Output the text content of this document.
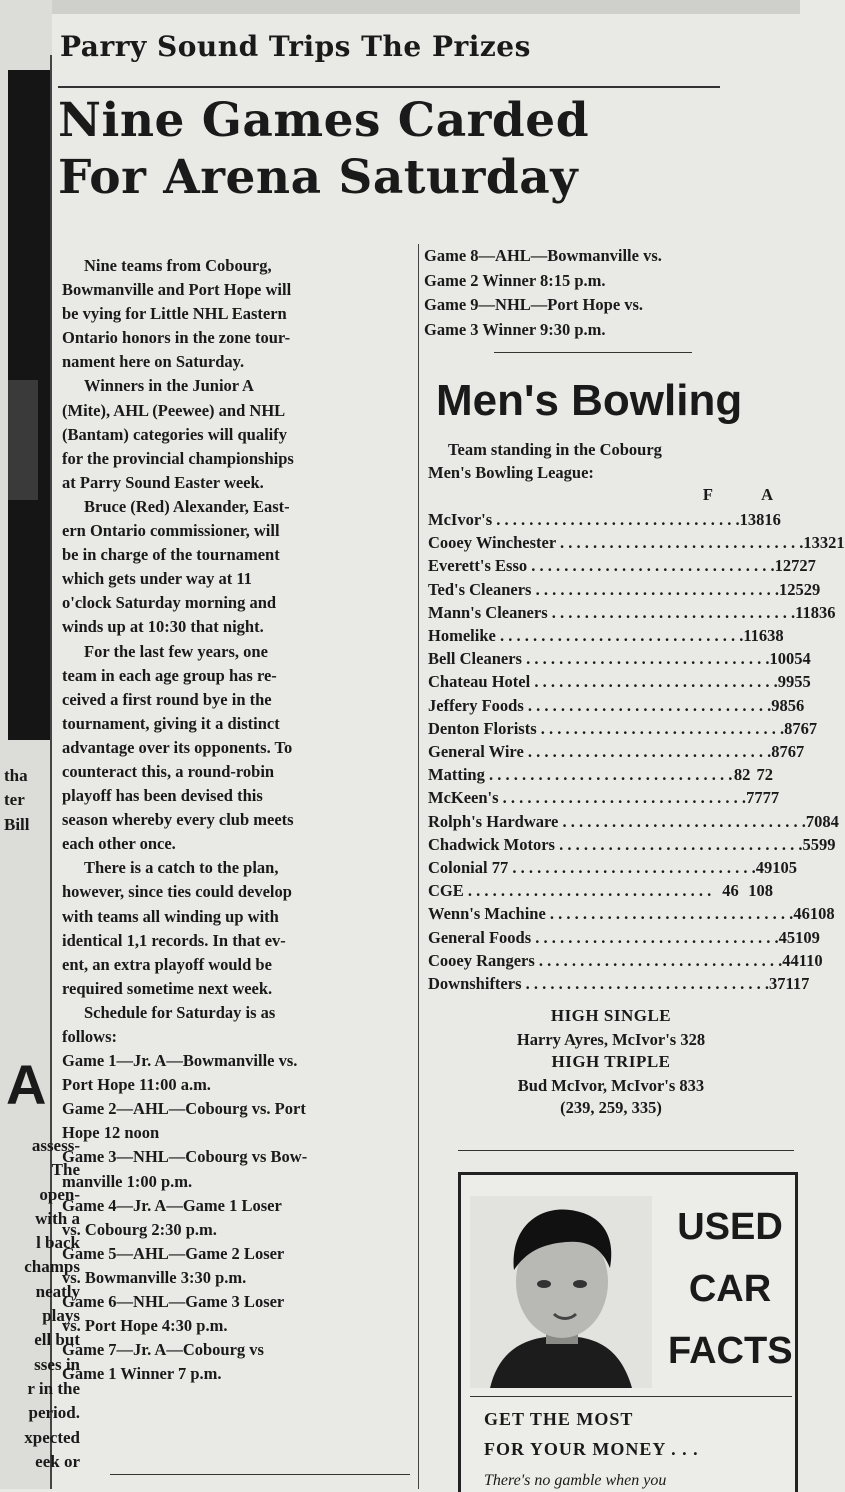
tha
ter
Bill
A
assess-
The
open-
with a
l back
champs
neatly
plays
ell but
sses in
r in the
period.
xpected
eek or
Parry Sound Trips The Prizes
Nine Games Carded
For Arena Saturday
Nine teams from Cobourg,
Bowmanville and Port Hope will
be vying for Little NHL Eastern
Ontario honors in the zone tour-
nament here on Saturday.
Winners in the Junior A
(Mite), AHL (Peewee) and NHL
(Bantam) categories will qualify
for the provincial championships
at Parry Sound Easter week.
Bruce (Red) Alexander, East-
ern Ontario commissioner, will
be in charge of the tournament
which gets under way at 11
o'clock Saturday morning and
winds up at 10:30 that night.
For the last few years, one
team in each age group has re-
ceived a first round bye in the
tournament, giving it a distinct
advantage over its opponents. To
counteract this, a round-robin
playoff has been devised this
season whereby every club meets
each other once.
There is a catch to the plan,
however, since ties could develop
with teams all winding up with
identical 1,1 records. In that ev-
ent, an extra playoff would be
required sometime next week.
Schedule for Saturday is as
follows:
Game 1—Jr. A—Bowmanville vs.
Port Hope 11:00 a.m.
Game 2—AHL—Cobourg vs. Port
Hope 12 noon
Game 3—NHL—Cobourg vs Bow-
manville 1:00 p.m.
Game 4—Jr. A—Game 1 Loser
vs. Cobourg 2:30 p.m.
Game 5—AHL—Game 2 Loser
vs. Bowmanville 3:30 p.m.
Game 6—NHL—Game 3 Loser
vs. Port Hope 4:30 p.m.
Game 7—Jr. A—Cobourg vs
Game 1 Winner 7 p.m.
Game 8—AHL—Bowmanville vs.
Game 2 Winner 8:15 p.m.
Game 9—NHL—Port Hope vs.
Game 3 Winner 9:30 p.m.
Men's Bowling
Team standing in the Cobourg
Men's Bowling League:
F	A
McIvor's . . . . . . . . . . . . . . . . . . . . . . . . . . . . . . 138 16
Cooey Winchester . . . . . . . . . . . . . . . . . . . . . . . . . . . . . . 133 21
Everett's Esso . . . . . . . . . . . . . . . . . . . . . . . . . . . . . . 127 27
Ted's Cleaners . . . . . . . . . . . . . . . . . . . . . . . . . . . . . . 125 29
Mann's Cleaners . . . . . . . . . . . . . . . . . . . . . . . . . . . . . . 118 36
Homelike . . . . . . . . . . . . . . . . . . . . . . . . . . . . . . 116 38
Bell Cleaners . . . . . . . . . . . . . . . . . . . . . . . . . . . . . . 100 54
Chateau Hotel . . . . . . . . . . . . . . . . . . . . . . . . . . . . . . 99 55
Jeffery Foods . . . . . . . . . . . . . . . . . . . . . . . . . . . . . . 98 56
Denton Florists . . . . . . . . . . . . . . . . . . . . . . . . . . . . . . 87 67
General Wire . . . . . . . . . . . . . . . . . . . . . . . . . . . . . . 87 67
Matting . . . . . . . . . . . . . . . . . . . . . . . . . . . . . . 82 72
McKeen's . . . . . . . . . . . . . . . . . . . . . . . . . . . . . . 77 77
Rolph's Hardware . . . . . . . . . . . . . . . . . . . . . . . . . . . . . . 70 84
Chadwick Motors . . . . . . . . . . . . . . . . . . . . . . . . . . . . . . 55 99
Colonial 77 . . . . . . . . . . . . . . . . . . . . . . . . . . . . . . 49 105
CGE . . . . . . . . . . . . . . . . . . . . . . . . . . . . . . 46 108
Wenn's Machine . . . . . . . . . . . . . . . . . . . . . . . . . . . . . . 46 108
General Foods . . . . . . . . . . . . . . . . . . . . . . . . . . . . . . 45 109
Cooey Rangers . . . . . . . . . . . . . . . . . . . . . . . . . . . . . . 44 110
Downshifters . . . . . . . . . . . . . . . . . . . . . . . . . . . . . . 37 117
HIGH SINGLE
Harry Ayres, McIvor's 328
HIGH TRIPLE
Bud McIvor, McIvor's 833
(239, 259, 335)
USED
CAR
FACTS
GET THE MOST
FOR YOUR MONEY . . .
There's no gamble when you
